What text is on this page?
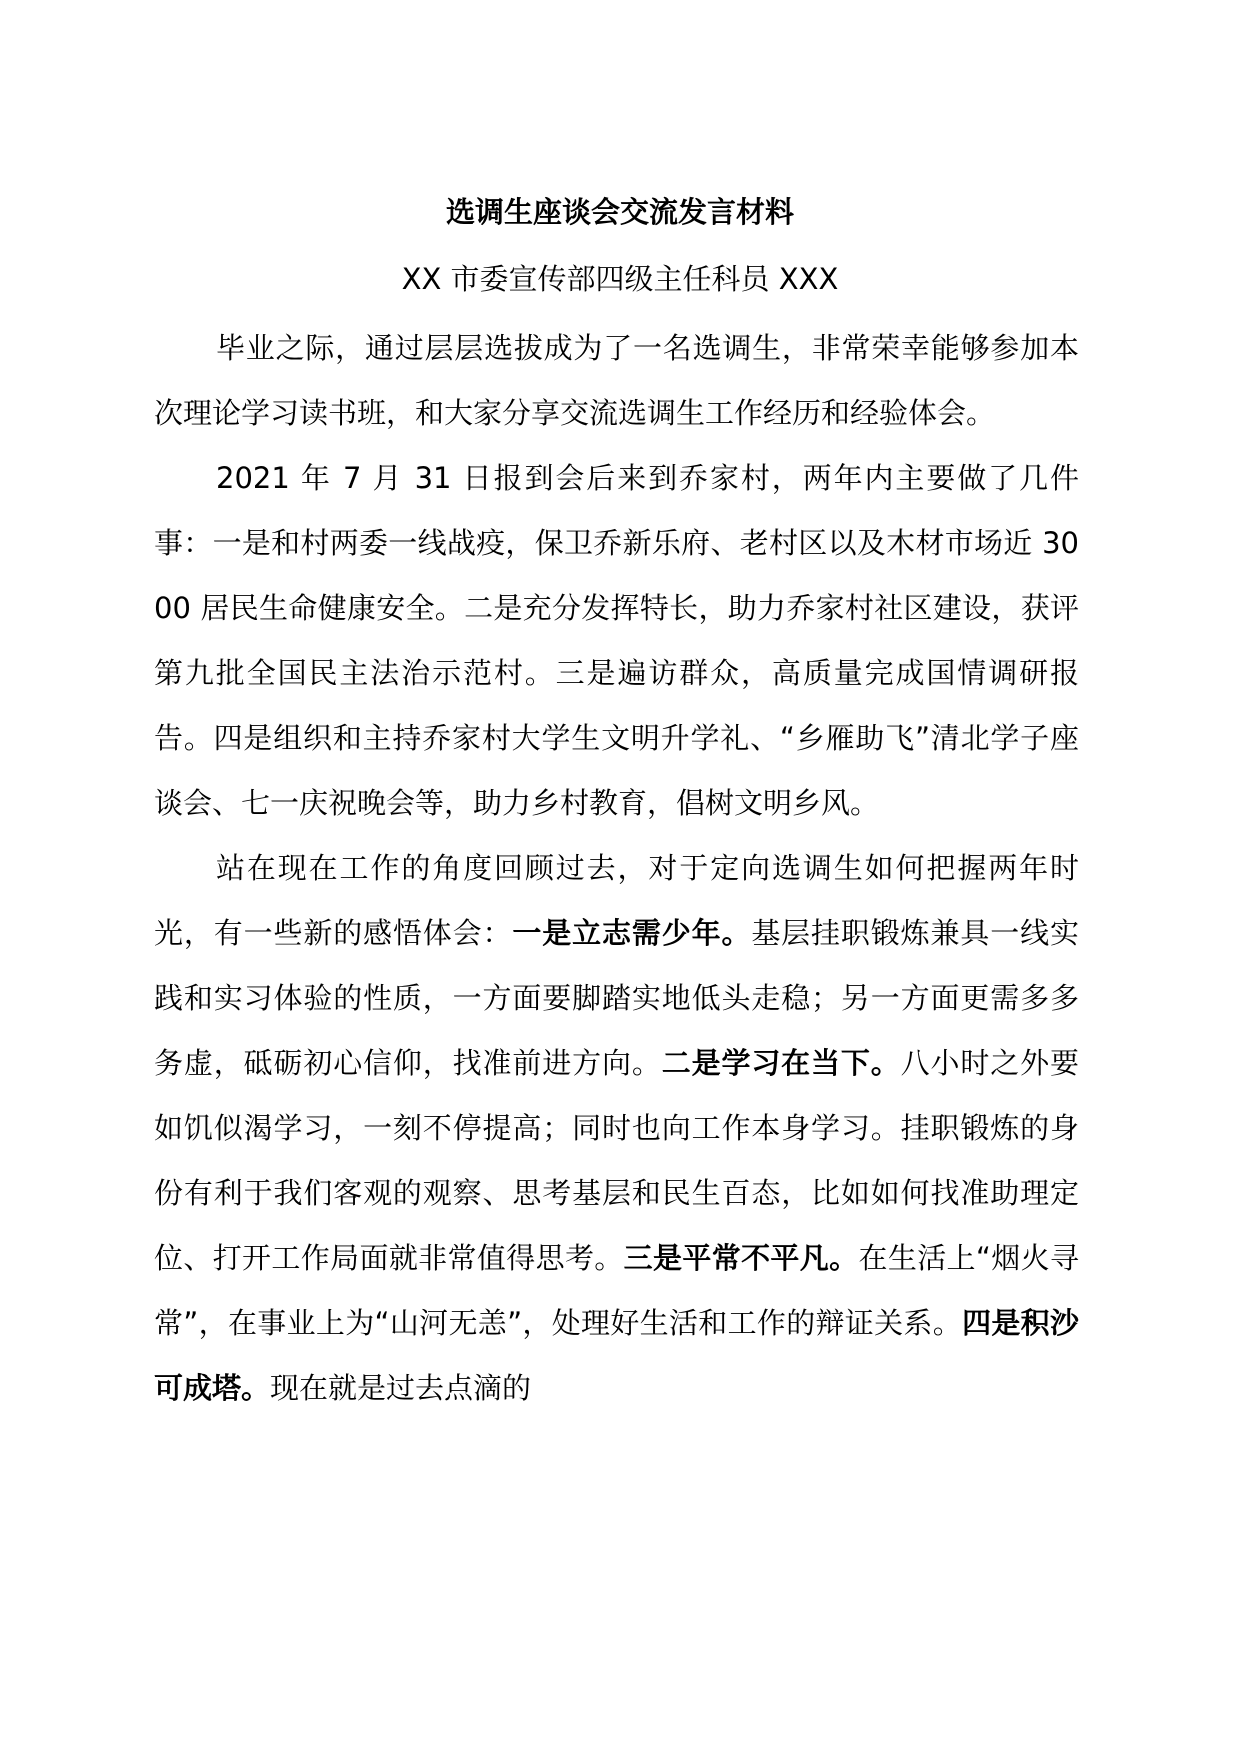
选调生座谈会交流发言材料

XX 市委宣传部四级主任科员 XXX

毕业之际，通过层层选拔成为了一名选调生，非常荣幸能够参加本次理论学习读书班，和大家分享交流选调生工作经历和经验体会。

2021 年 7 月 31 日报到会后来到乔家村，两年内主要做了几件事：一是和村两委一线战疫，保卫乔新乐府、老村区以及木材市场近 3000 居民生命健康安全。二是充分发挥特长，助力乔家村社区建设，获评第九批全国民主法治示范村。三是遍访群众，高质量完成国情调研报告。四是组织和主持乔家村大学生文明升学礼、“乡雁助飞”清北学子座谈会、七一庆祝晚会等，助力乡村教育，倡树文明乡风。

站在现在工作的角度回顾过去，对于定向选调生如何把握两年时光，有一些新的感悟体会：一是立志需少年。基层挂职锻炼兼具一线实践和实习体验的性质，一方面要脚踏实地低头走稳；另一方面更需多多务虚，砥砺初心信仰，找准前进方向。二是学习在当下。八小时之外要如饥似渴学习，一刻不停提高；同时也向工作本身学习。挂职锻炼的身份有利于我们客观的观察、思考基层和民生百态，比如如何找准助理定位、打开工作局面就非常值得思考。三是平常不平凡。在生活上“烟火寻常”，在事业上为“山河无恙”，处理好生活和工作的辩证关系。四是积沙可成塔。现在就是过去点滴的
